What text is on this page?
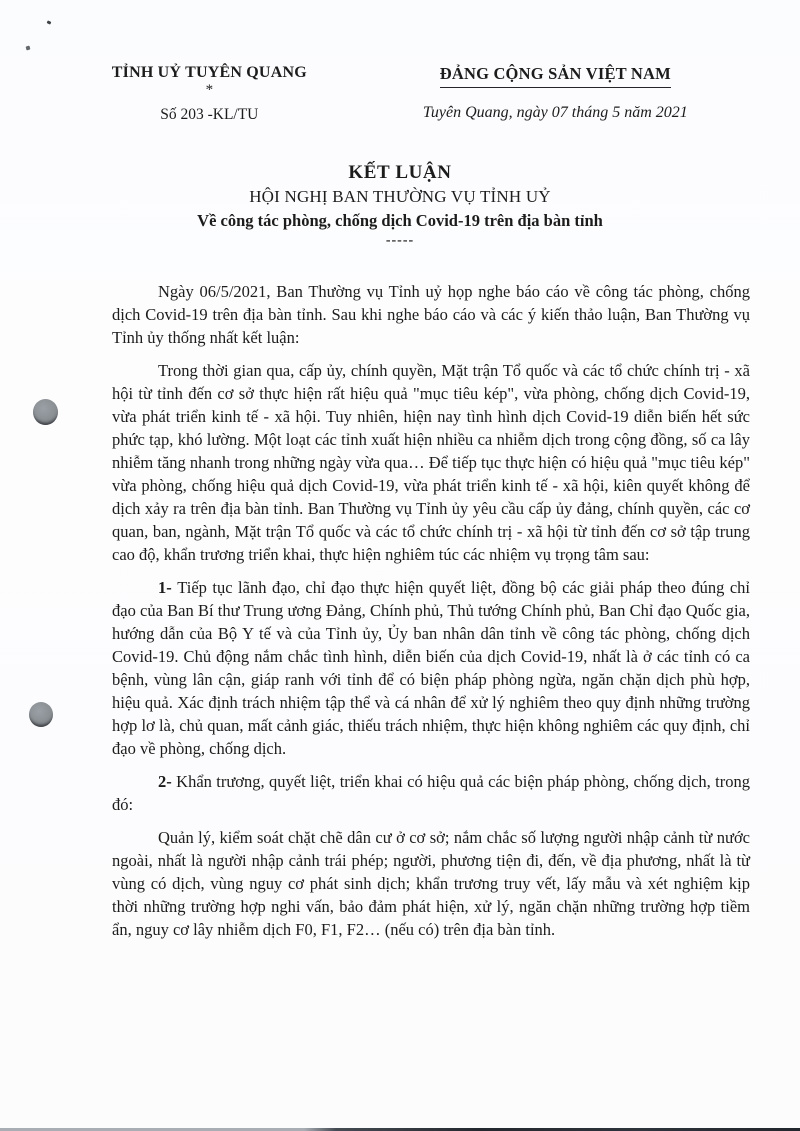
TỈNH UỶ TUYÊN QUANG
*
Số 203 -KL/TU
ĐẢNG CỘNG SẢN VIỆT NAM
Tuyên Quang, ngày 07 tháng 5 năm 2021
KẾT LUẬN
HỘI NGHỊ BAN THƯỜNG VỤ TỈNH UỶ
Về công tác phòng, chống dịch Covid-19 trên địa bàn tỉnh
-----

Ngày 06/5/2021, Ban Thường vụ Tỉnh uỷ họp nghe báo cáo về công tác phòng, chống dịch Covid-19 trên địa bàn tỉnh. Sau khi nghe báo cáo và các ý kiến thảo luận, Ban Thường vụ Tỉnh ủy thống nhất kết luận:

Trong thời gian qua, cấp ủy, chính quyền, Mặt trận Tổ quốc và các tổ chức chính trị - xã hội từ tỉnh đến cơ sở thực hiện rất hiệu quả "mục tiêu kép", vừa phòng, chống dịch Covid-19, vừa phát triển kinh tế - xã hội. Tuy nhiên, hiện nay tình hình dịch Covid-19 diễn biến hết sức phức tạp, khó lường. Một loạt các tỉnh xuất hiện nhiều ca nhiễm dịch trong cộng đồng, số ca lây nhiễm tăng nhanh trong những ngày vừa qua… Để tiếp tục thực hiện có hiệu quả "mục tiêu kép" vừa phòng, chống hiệu quả dịch Covid-19, vừa phát triển kinh tế - xã hội, kiên quyết không để dịch xảy ra trên địa bàn tỉnh. Ban Thường vụ Tỉnh ủy yêu cầu cấp ủy đảng, chính quyền, các cơ quan, ban, ngành, Mặt trận Tổ quốc và các tổ chức chính trị - xã hội từ tỉnh đến cơ sở tập trung cao độ, khẩn trương triển khai, thực hiện nghiêm túc các nhiệm vụ trọng tâm sau:

1- Tiếp tục lãnh đạo, chỉ đạo thực hiện quyết liệt, đồng bộ các giải pháp theo đúng chỉ đạo của Ban Bí thư Trung ương Đảng, Chính phủ, Thủ tướng Chính phủ, Ban Chỉ đạo Quốc gia, hướng dẫn của Bộ Y tế và của Tỉnh ủy, Ủy ban nhân dân tỉnh về công tác phòng, chống dịch Covid-19. Chủ động nắm chắc tình hình, diễn biến của dịch Covid-19, nhất là ở các tỉnh có ca bệnh, vùng lân cận, giáp ranh với tỉnh để có biện pháp phòng ngừa, ngăn chặn dịch phù hợp, hiệu quả. Xác định trách nhiệm tập thể và cá nhân để xử lý nghiêm theo quy định những trường hợp lơ là, chủ quan, mất cảnh giác, thiếu trách nhiệm, thực hiện không nghiêm các quy định, chỉ đạo về phòng, chống dịch.

2- Khẩn trương, quyết liệt, triển khai có hiệu quả các biện pháp phòng, chống dịch, trong đó:

Quản lý, kiểm soát chặt chẽ dân cư ở cơ sở; nắm chắc số lượng người nhập cảnh từ nước ngoài, nhất là người nhập cảnh trái phép; người, phương tiện đi, đến, về địa phương, nhất là từ vùng có dịch, vùng nguy cơ phát sinh dịch; khẩn trương truy vết, lấy mẫu và xét nghiệm kịp thời những trường hợp nghi vấn, bảo đảm phát hiện, xử lý, ngăn chặn những trường hợp tiềm ẩn, nguy cơ lây nhiễm dịch F0, F1, F2… (nếu có) trên địa bàn tỉnh.
